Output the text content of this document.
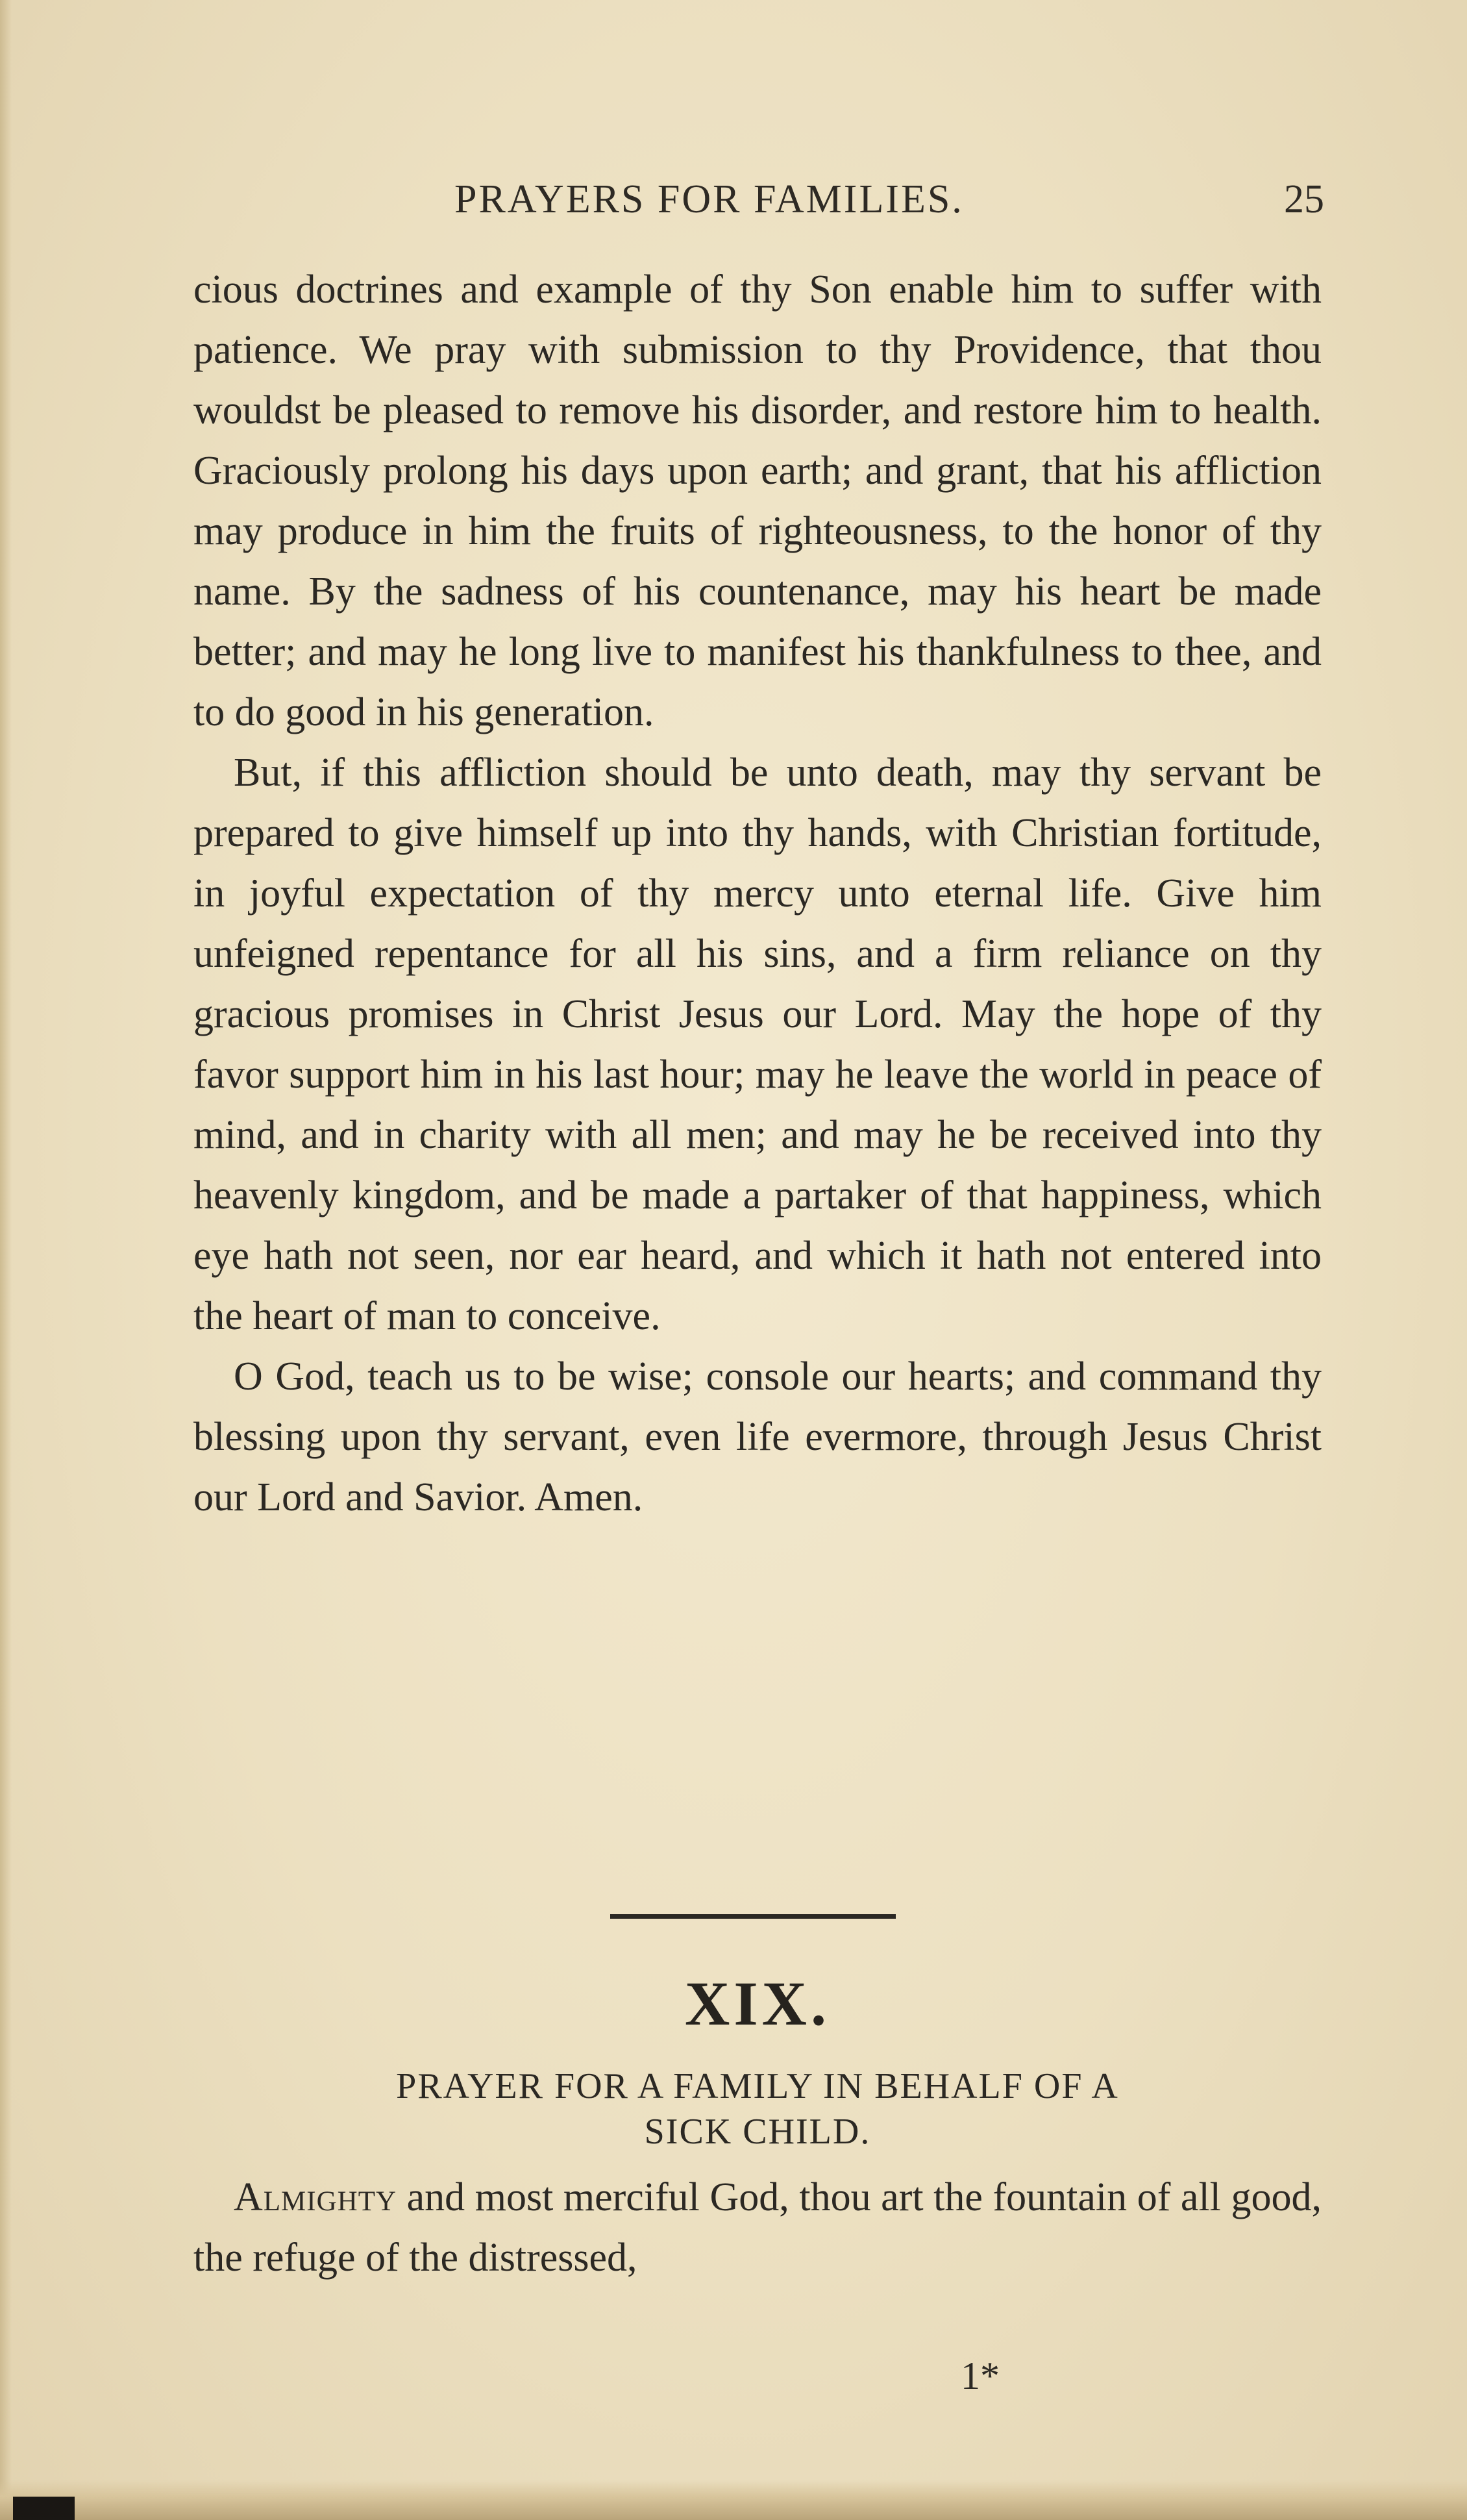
PRAYERS FOR FAMILIES.	25

cious doctrines and example of thy Son enable him to suffer with patience. We pray with submission to thy Providence, that thou wouldst be pleased to remove his disorder, and restore him to health. Graciously prolong his days upon earth; and grant, that his affliction may produce in him the fruits of righteousness, to the honor of thy name. By the sadness of his countenance, may his heart be made better; and may he long live to manifest his thankfulness to thee, and to do good in his generation.

But, if this affliction should be unto death, may thy servant be prepared to give himself up into thy hands, with Christian fortitude, in joyful expectation of thy mercy unto eternal life. Give him unfeigned repentance for all his sins, and a firm reliance on thy gracious promises in Christ Jesus our Lord. May the hope of thy favor support him in his last hour; may he leave the world in peace of mind, and in charity with all men; and may he be received into thy heavenly kingdom, and be made a partaker of that happiness, which eye hath not seen, nor ear heard, and which it hath not entered into the heart of man to conceive.

O God, teach us to be wise; console our hearts; and command thy blessing upon thy servant, even life evermore, through Jesus Christ our Lord and Savior. Amen.

XIX.
PRAYER FOR A FAMILY IN BEHALF OF A
SICK CHILD.

Almighty and most merciful God, thou art the fountain of all good, the refuge of the distressed,

1*
